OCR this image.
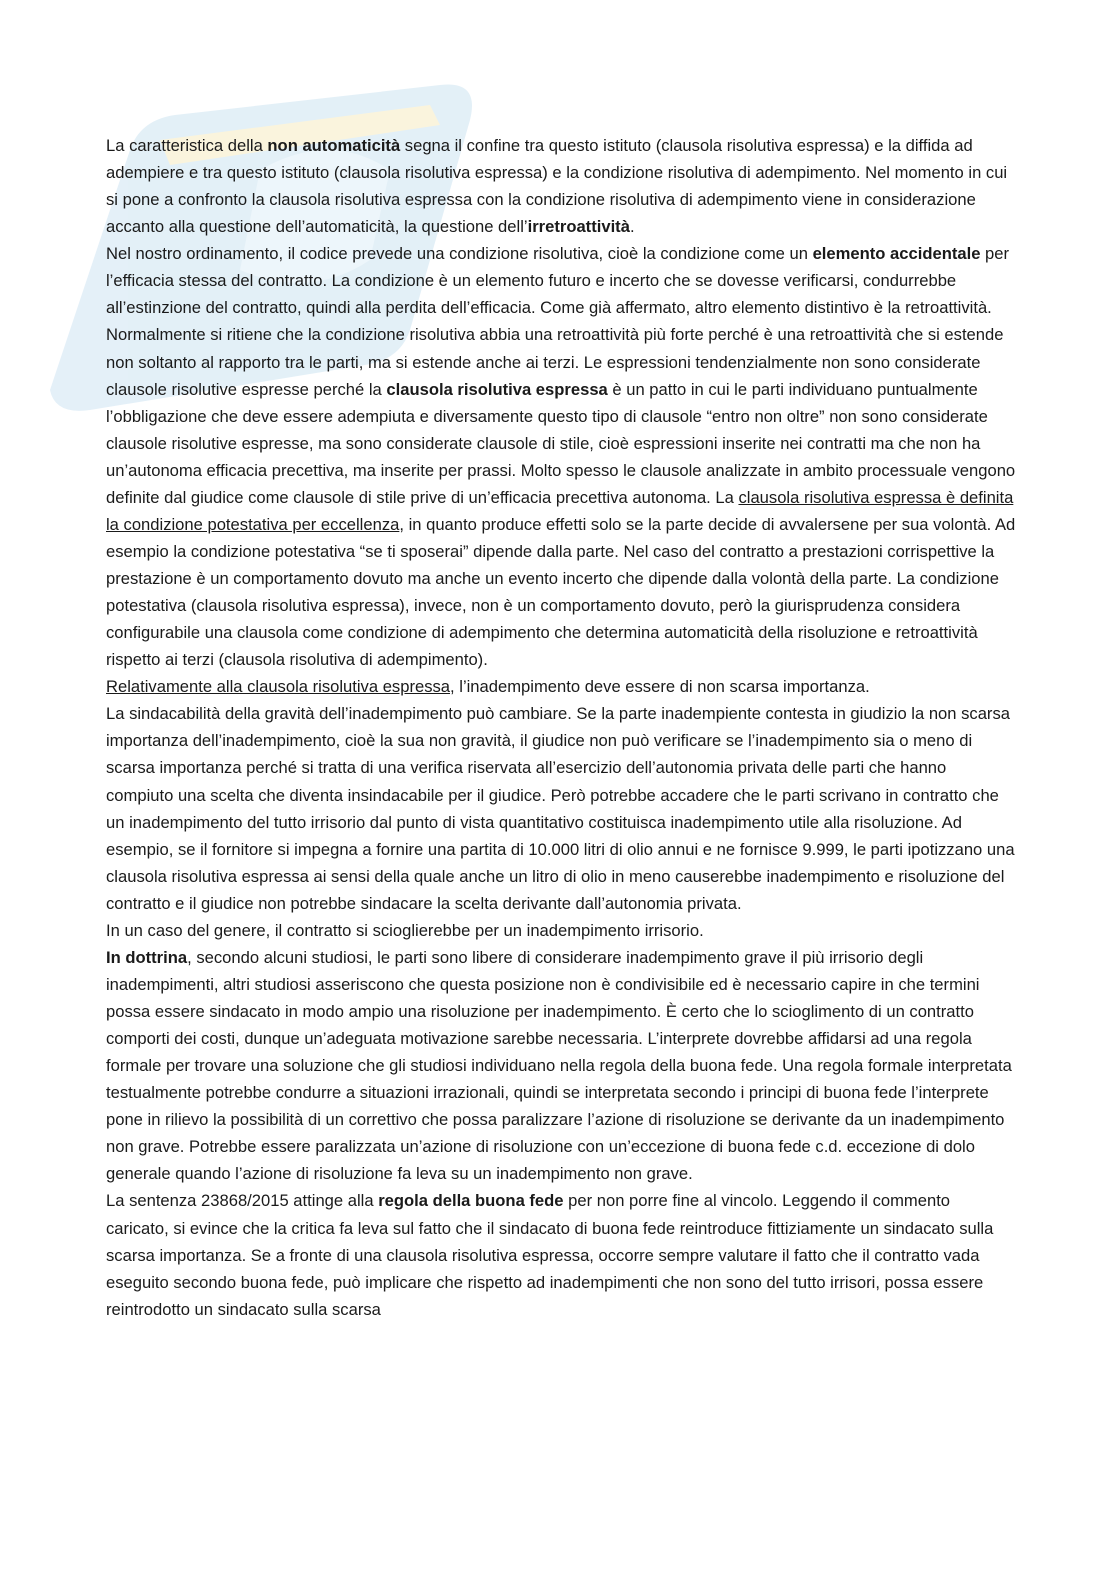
La caratteristica della non automaticità segna il confine tra questo istituto (clausola risolutiva espressa) e la diffida ad adempiere e tra questo istituto (clausola risolutiva espressa) e la condizione risolutiva di adempimento. Nel momento in cui si pone a confronto la clausola risolutiva espressa con la condizione risolutiva di adempimento viene in considerazione accanto alla questione dell’automaticità, la questione dell’irretroattività.

Nel nostro ordinamento, il codice prevede una condizione risolutiva, cioè la condizione come un elemento accidentale per l’efficacia stessa del contratto. La condizione è un elemento futuro e incerto che se dovesse verificarsi, condurrebbe all’estinzione del contratto, quindi alla perdita dell’efficacia. Come già affermato, altro elemento distintivo è la retroattività. Normalmente si ritiene che la condizione risolutiva abbia una retroattività più forte perché è una retroattività che si estende non soltanto al rapporto tra le parti, ma si estende anche ai terzi. Le espressioni tendenzialmente non sono considerate clausole risolutive espresse perché la clausola risolutiva espressa è un patto in cui le parti individuano puntualmente l’obbligazione che deve essere adempiuta e diversamente questo tipo di clausole “entro non oltre” non sono considerate clausole risolutive espresse, ma sono considerate clausole di stile, cioè espressioni inserite nei contratti ma che non ha un’autonoma efficacia precettiva, ma inserite per prassi. Molto spesso le clausole analizzate in ambito processuale vengono definite dal giudice come clausole di stile prive di un’efficacia precettiva autonoma. La clausola risolutiva espressa è definita la condizione potestativa per eccellenza, in quanto produce effetti solo se la parte decide di avvalersene per sua volontà. Ad esempio la condizione potestativa “se ti sposerai” dipende dalla parte. Nel caso del contratto a prestazioni corrispettive la prestazione è un comportamento dovuto ma anche un evento incerto che dipende dalla volontà della parte. La condizione potestativa (clausola risolutiva espressa), invece, non è un comportamento dovuto, però la giurisprudenza considera configurabile una clausola come condizione di adempimento che determina automaticità della risoluzione e retroattività rispetto ai terzi (clausola risolutiva di adempimento).

Relativamente alla clausola risolutiva espressa, l’inadempimento deve essere di non scarsa importanza.

La sindacabilità della gravità dell’inadempimento può cambiare. Se la parte inadempiente contesta in giudizio la non scarsa importanza dell’inadempimento, cioè la sua non gravità, il giudice non può verificare se l’inadempimento sia o meno di scarsa importanza perché si tratta di una verifica riservata all’esercizio dell’autonomia privata delle parti che hanno compiuto una scelta che diventa insindacabile per il giudice. Però potrebbe accadere che le parti scrivano in contratto che un inadempimento del tutto irrisorio dal punto di vista quantitativo costituisca inadempimento utile alla risoluzione. Ad esempio, se il fornitore si impegna a fornire una partita di 10.000 litri di olio annui e ne fornisce 9.999, le parti ipotizzano una clausola risolutiva espressa ai sensi della quale anche un litro di olio in meno causerebbe inadempimento e risoluzione del contratto e il giudice non potrebbe sindacare la scelta derivante dall’autonomia privata.

In un caso del genere, il contratto si scioglierebbe per un inadempimento irrisorio.

In dottrina, secondo alcuni studiosi, le parti sono libere di considerare inadempimento grave il più irrisorio degli inadempimenti, altri studiosi asseriscono che questa posizione non è condivisibile ed è necessario capire in che termini possa essere sindacato in modo ampio una risoluzione per inadempimento. È certo che lo scioglimento di un contratto comporti dei costi, dunque un’adeguata motivazione sarebbe necessaria. L’interprete dovrebbe affidarsi ad una regola formale per trovare una soluzione che gli studiosi individuano nella regola della buona fede. Una regola formale interpretata testualmente potrebbe condurre a situazioni irrazionali, quindi se interpretata secondo i principi di buona fede l’interprete pone in rilievo la possibilità di un correttivo che possa paralizzare l’azione di risoluzione se derivante da un inadempimento non grave. Potrebbe essere paralizzata un’azione di risoluzione con un’eccezione di buona fede c.d. eccezione di dolo generale quando l’azione di risoluzione fa leva su un inadempimento non grave.

La sentenza 23868/2015 attinge alla regola della buona fede per non porre fine al vincolo. Leggendo il commento caricato, si evince che la critica fa leva sul fatto che il sindacato di buona fede reintroduce fittiziamente un sindacato sulla scarsa importanza. Se a fronte di una clausola risolutiva espressa, occorre sempre valutare il fatto che il contratto vada eseguito secondo buona fede, può implicare che rispetto ad inadempimenti che non sono del tutto irrisori, possa essere reintrodotto un sindacato sulla scarsa
